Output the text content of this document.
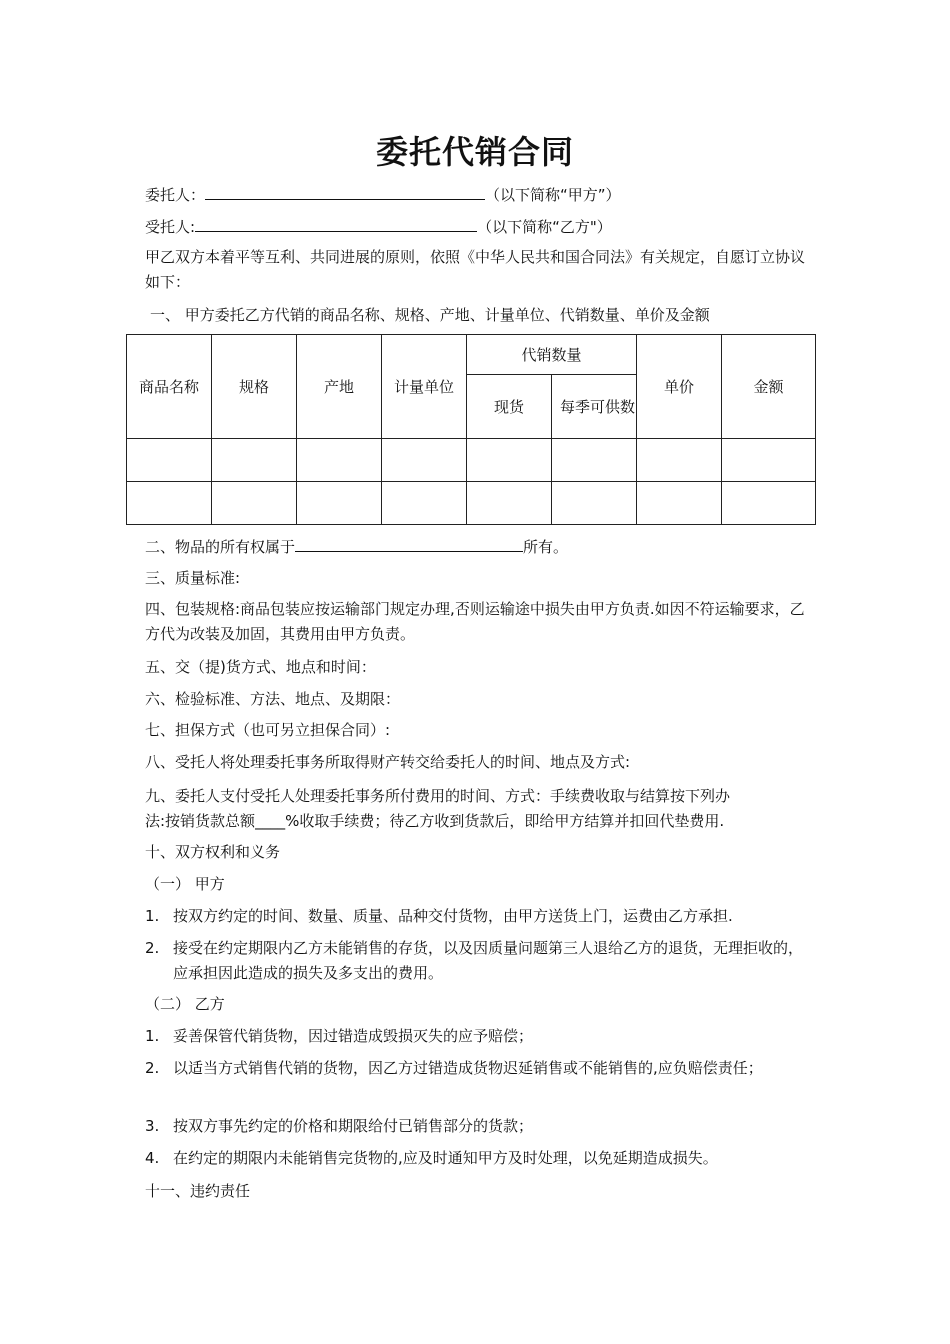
委托代销合同
委托人：	（以下简称“甲方”）
受托人:	（以下简称“乙方"）
甲乙双方本着平等互利、共同进展的原则，依照《中华人民共和国合同法》有关规定，自愿订立协议如下：
一、 甲方委托乙方代销的商品名称、规格、产地、计量单位、代销数量、单价及金额
商品名称	规格	产地	计量单位	代销数量		单价	金额
				现货	每季可供数		

二、物品的所有权属于	所有。
三、质量标准:
四、包装规格:商品包装应按运输部门规定办理,否则运输途中损失由甲方负责.如因不符运输要求，乙方代为改装及加固，其费用由甲方负责。
五、交（提)货方式、地点和时间：
六、检验标准、方法、地点、及期限：
七、担保方式（也可另立担保合同）:
八、受托人将处理委托事务所取得财产转交给委托人的时间、地点及方式:
九、委托人支付受托人处理委托事务所付费用的时间、方式：手续费收取与结算按下列办
法:按销货款总额____%收取手续费；待乙方收到货款后，即给甲方结算并扣回代垫费用.
十、双方权利和义务
（一） 甲方
1. 按双方约定的时间、数量、质量、品种交付货物，由甲方送货上门，运费由乙方承担.
2. 接受在约定期限内乙方未能销售的存货，以及因质量问题第三人退给乙方的退货，无理拒收的，应承担因此造成的损失及多支出的费用。
（二） 乙方
1. 妥善保管代销货物，因过错造成毁损灭失的应予赔偿；
2. 以适当方式销售代销的货物，因乙方过错造成货物迟延销售或不能销售的,应负赔偿责任；
3. 按双方事先约定的价格和期限给付已销售部分的货款；
4. 在约定的期限内未能销售完货物的,应及时通知甲方及时处理，以免延期造成损失。
十一、违约责任
